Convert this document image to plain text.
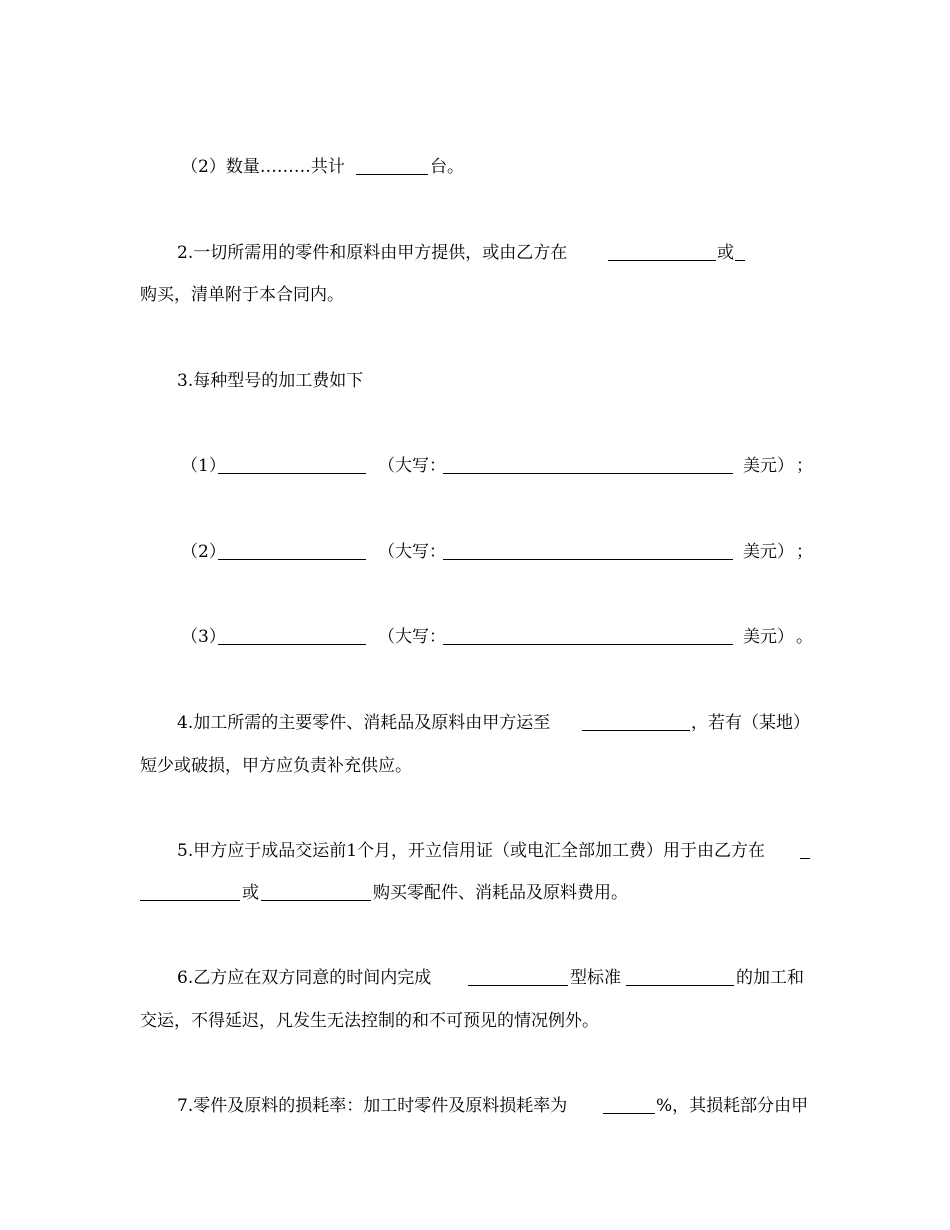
（2）数量………共计	台。
2.一切所需用的零件和原料由甲方提供，或由乙方在	或
购买，清单附于本合同内。
3.每种型号的加工费如下
（1）	（大写：	美元） ；
（2）	（大写：	美元） ；
（3）	（大写：	美元） 。
4.加工所需的主要零件、消耗品及原料由甲方运至	，若有（某地）
短少或破损，甲方应负责补充供应。
5.甲方应于成品交运前1个月，开立信用证（或电汇全部加工费）用于由乙方在
或	购买零配件、消耗品及原料费用。
6.乙方应在双方同意的时间内完成	型标准	的加工和
交运，不得延迟，凡发生无法控制的和不可预见的情况例外。
7.零件及原料的损耗率：加工时零件及原料损耗率为	%，其损耗部分由甲
